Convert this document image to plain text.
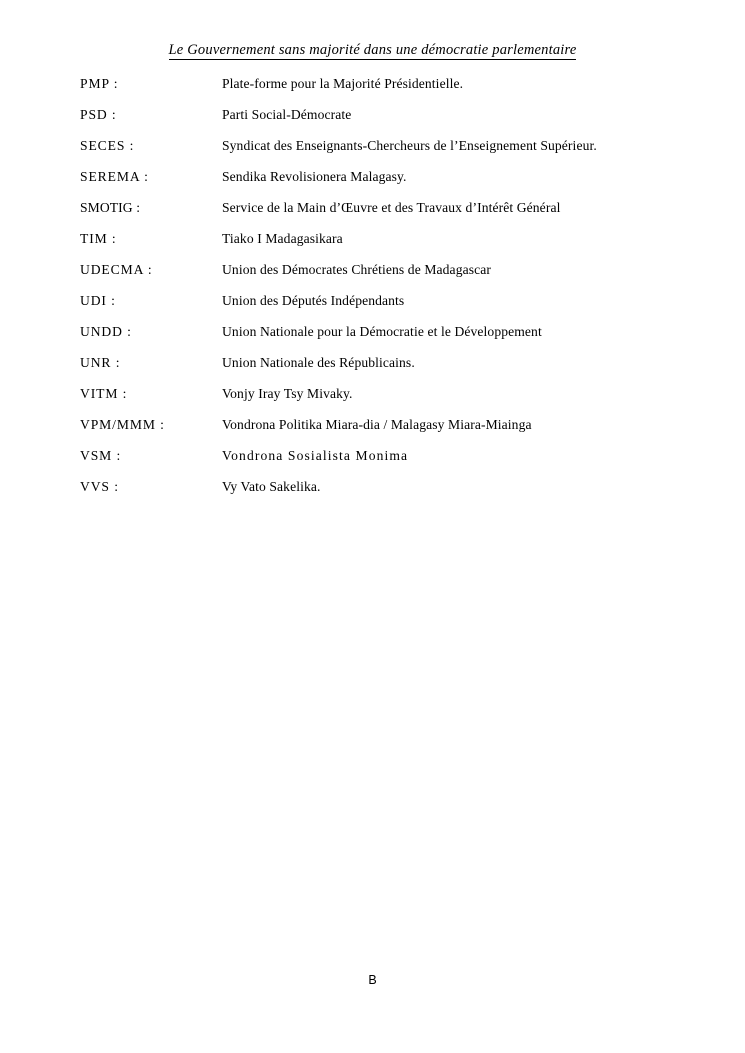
Le Gouvernement sans majorité dans une démocratie parlementaire
PMP :	Plate-forme pour la Majorité Présidentielle.
PSD :	Parti Social-Démocrate
SECES :	Syndicat des Enseignants-Chercheurs de l’Enseignement Supérieur.
SEREMA :	Sendika Revolisionera Malagasy.
SMOTIG :	Service de la Main d’Œuvre et des Travaux d’Intérêt Général
TIM :	Tiako I Madagasikara
UDECMA :	Union des Démocrates Chrétiens de Madagascar
UDI :	Union des Députés Indépendants
UNDD :	Union Nationale pour la Démocratie et le Développement
UNR :	Union Nationale des Républicains.
VITM :	Vonjy Iray Tsy Mivaky.
VPM/MMM :	Vondrona Politika Miara-dia / Malagasy Miara-Miainga
VSM :	Vondrona Sosialista Monima
VVS :	Vy Vato Sakelika.
B
